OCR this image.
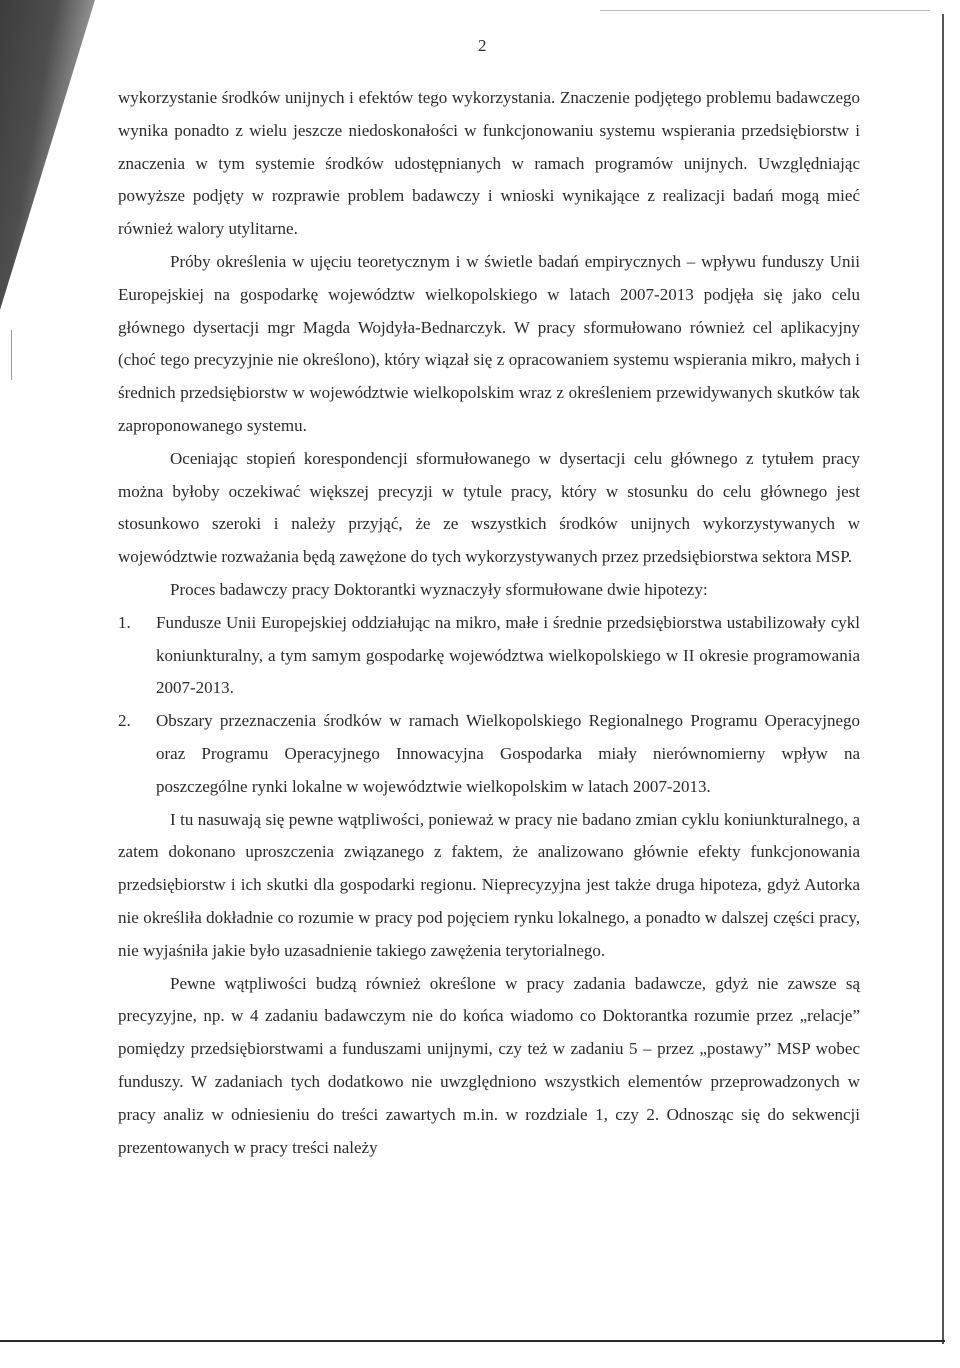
2

wykorzystanie środków unijnych i efektów tego wykorzystania. Znaczenie podjętego problemu badawczego wynika ponadto z wielu jeszcze niedoskonałości w funkcjonowaniu systemu wspierania przedsiębiorstw i znaczenia w tym systemie środków udostępnianych w ramach programów unijnych. Uwzględniając powyższe podjęty w rozprawie problem badawczy i wnioski wynikające z realizacji badań mogą mieć również walory utylitarne.

Próby określenia w ujęciu teoretycznym i w świetle badań empirycznych – wpływu funduszy Unii Europejskiej na gospodarkę województw wielkopolskiego w latach 2007-2013 podjęła się jako celu głównego dysertacji mgr Magda Wojdyła-Bednarczyk. W pracy sformułowano również cel aplikacyjny (choć tego precyzyjnie nie określono), który wiązał się z opracowaniem systemu wspierania mikro, małych i średnich przedsiębiorstw w województwie wielkopolskim wraz z określeniem przewidywanych skutków tak zaproponowanego systemu.

Oceniając stopień korespondencji sformułowanego w dysertacji celu głównego z tytułem pracy można byłoby oczekiwać większej precyzji w tytule pracy, który w stosunku do celu głównego jest stosunkowo szeroki i należy przyjąć, że ze wszystkich środków unijnych wykorzystywanych w województwie rozważania będą zawężone do tych wykorzystywanych przez przedsiębiorstwa sektora MSP.

Proces badawczy pracy Doktorantki wyznaczyły sformułowane dwie hipotezy:

1. Fundusze Unii Europejskiej oddziałując na mikro, małe i średnie przedsiębiorstwa ustabilizowały cykl koniunkturalny, a tym samym gospodarkę województwa wielkopolskiego w II okresie programowania 2007-2013.
2. Obszary przeznaczenia środków w ramach Wielkopolskiego Regionalnego Programu Operacyjnego oraz Programu Operacyjnego Innowacyjna Gospodarka miały nierównomierny wpływ na poszczególne rynki lokalne w województwie wielkopolskim w latach 2007-2013.

I tu nasuwają się pewne wątpliwości, ponieważ w pracy nie badano zmian cyklu koniunkturalnego, a zatem dokonano uproszczenia związanego z faktem, że analizowano głównie efekty funkcjonowania przedsiębiorstw i ich skutki dla gospodarki regionu. Nieprecyzyjna jest także druga hipoteza, gdyż Autorka nie określiła dokładnie co rozumie w pracy pod pojęciem rynku lokalnego, a ponadto w dalszej części pracy, nie wyjaśniła jakie było uzasadnienie takiego zawężenia terytorialnego.

Pewne wątpliwości budzą również określone w pracy zadania badawcze, gdyż nie zawsze są precyzyjne, np. w 4 zadaniu badawczym nie do końca wiadomo co Doktorantka rozumie przez „relacje” pomiędzy przedsiębiorstwami a funduszami unijnymi, czy też w zadaniu 5 – przez „postawy” MSP wobec funduszy. W zadaniach tych dodatkowo nie uwzględniono wszystkich elementów przeprowadzonych w pracy analiz w odniesieniu do treści zawartych m.in. w rozdziale 1, czy 2. Odnosząc się do sekwencji prezentowanych w pracy treści należy
